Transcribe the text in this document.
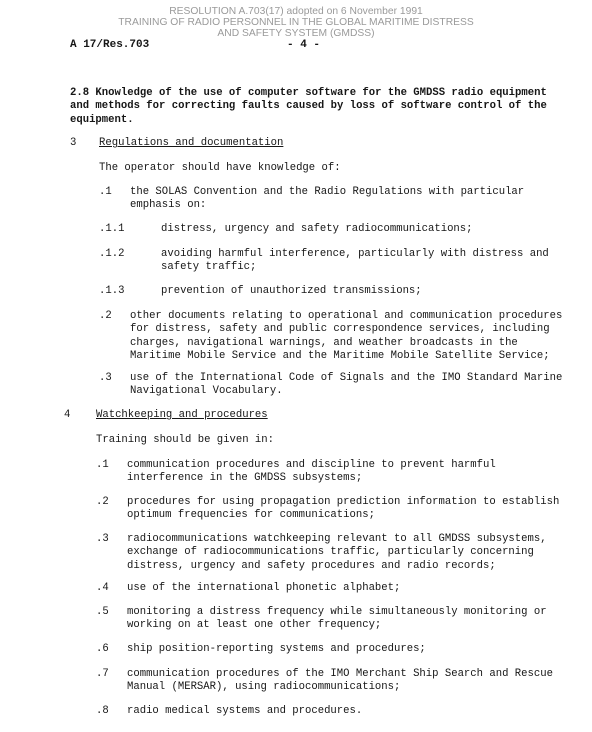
RESOLUTION A.703(17) adopted on 6 November 1991
TRAINING OF RADIO PERSONNEL IN THE GLOBAL MARITIME DISTRESS
AND SAFETY SYSTEM (GMDSS)
A 17/Res.703	- 4 -
2.8 Knowledge of the use of computer software for the GMDSS radio equipment
and methods for correcting faults caused by loss of software control of the
equipment.
3 Regulations and documentation
The operator should have knowledge of:
.1 the SOLAS Convention and the Radio Regulations with particular
emphasis on:
.1.1	distress, urgency and safety radiocommunications;
.1.2	avoiding harmful interference, particularly with distress and
safety traffic;
.1.3	prevention of unauthorized transmissions;
.2 other documents relating to operational and communication procedures
for distress, safety and public correspondence services, including
charges, navigational warnings, and weather broadcasts in the
Maritime Mobile Service and the Maritime Mobile Satellite Service;
.3 use of the International Code of Signals and the IMO Standard Marine
Navigational Vocabulary.
4 Watchkeeping and procedures
Training should be given in:
.1 communication procedures and discipline to prevent harmful
interference in the GMDSS subsystems;
.2 procedures for using propagation prediction information to establish
optimum frequencies for communications;
.3 radiocommunications watchkeeping relevant to all GMDSS subsystems,
exchange of radiocommunications traffic, particularly concerning
distress, urgency and safety procedures and radio records;
.4 use of the international phonetic alphabet;
.5 monitoring a distress frequency while simultaneously monitoring or
working on at least one other frequency;
.6 ship position-reporting systems and procedures;
.7 communication procedures of the IMO Merchant Ship Search and Rescue
Manual (MERSAR), using radiocommunications;
.8 radio medical systems and procedures.
